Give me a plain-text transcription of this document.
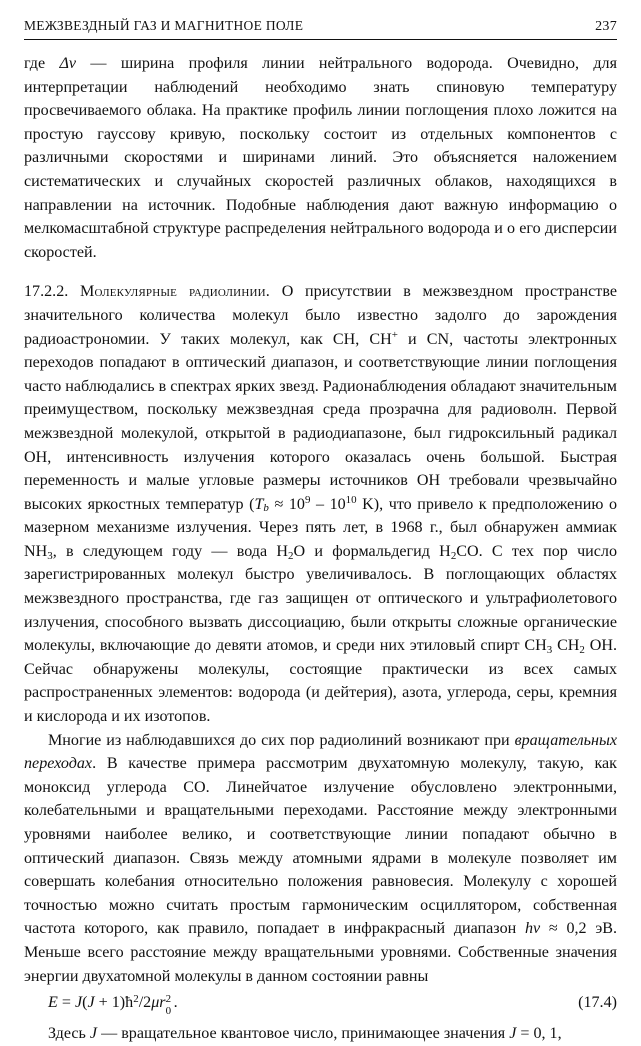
МЕЖЗВЕЗДНЫЙ ГАЗ И МАГНИТНОЕ ПОЛЕ	237

где Δν — ширина профиля линии нейтрального водорода. Очевидно, для интерпретации наблюдений необходимо знать спиновую температуру просвечиваемого облака. На практике профиль линии поглощения плохо ложится на простую гауссову кривую, поскольку состоит из отдельных компонентов с различными скоростями и ширинами линий. Это объясняется наложением систематических и случайных скоростей различных облаков, находящихся в направлении на источник. Подобные наблюдения дают важную информацию о мелкомасштабной структуре распределения нейтрального водорода и о его дисперсии скоростей.

17.2.2. Молекулярные радиолинии. О присутствии в межзвездном пространстве значительного количества молекул было известно задолго до зарождения радиоастрономии. У таких молекул, как CH, CH+ и CN, частоты электронных переходов попадают в оптический диапазон, и соответствующие линии поглощения часто наблюдались в спектрах ярких звезд. Радионаблюдения обладают значительным преимуществом, поскольку межзвездная среда прозрачна для радиоволн. Первой межзвездной молекулой, открытой в радиодиапазоне, был гидроксильный радикал OH, интенсивность излучения которого оказалась очень большой. Быстрая переменность и малые угловые размеры источников OH требовали чрезвычайно высоких яркостных температур ($T_b \approx 10^9 - 10^{10}$ K), что привело к предположению о мазерном механизме излучения. Через пять лет, в 1968 г., был обнаружен аммиак $NH_3$, в следующем году — вода $H_2O$ и формальдегид $H_2CO$. С тех пор число зарегистрированных молекул быстро увеличивалось. В поглощающих областях межзвездного пространства, где газ защищен от оптического и ультрафиолетового излучения, способного вызвать диссоциацию, были открыты сложные органические молекулы, включающие до девяти атомов, и среди них этиловый спирт $CH_3$ $CH_2$ OH. Сейчас обнаружены молекулы, состоящие практически из всех самых распространенных элементов: водорода (и дейтерия), азота, углерода, серы, кремния и кислорода и их изотопов.

Многие из наблюдавшихся до сих пор радиолиний возникают при вращательных переходах. В качестве примера рассмотрим двухатомную молекулу, такую, как моноксид углерода CO. Линейчатое излучение обусловлено электронными, колебательными и вращательными переходами. Расстояние между электронными уровнями наиболее велико, и соответствующие линии попадают обычно в оптический диапазон. Связь между атомными ядрами в молекуле позволяет им совершать колебания относительно положения равновесия. Молекулу с хорошей точностью можно считать простым гармоническим осциллятором, собственная частота которого, как правило, попадает в инфракрасный диапазон hν ≈ 0,2 эВ. Меньше всего расстояние между вращательными уровнями. Собственные значения энергии двухатомной молекулы в данном состоянии равны

$E = J(J + 1)ħ^2/2\mu r$ 2
0 .	(17.4)

Здесь J — вращательное квантовое число, принимающее значения J = 0, 1,
